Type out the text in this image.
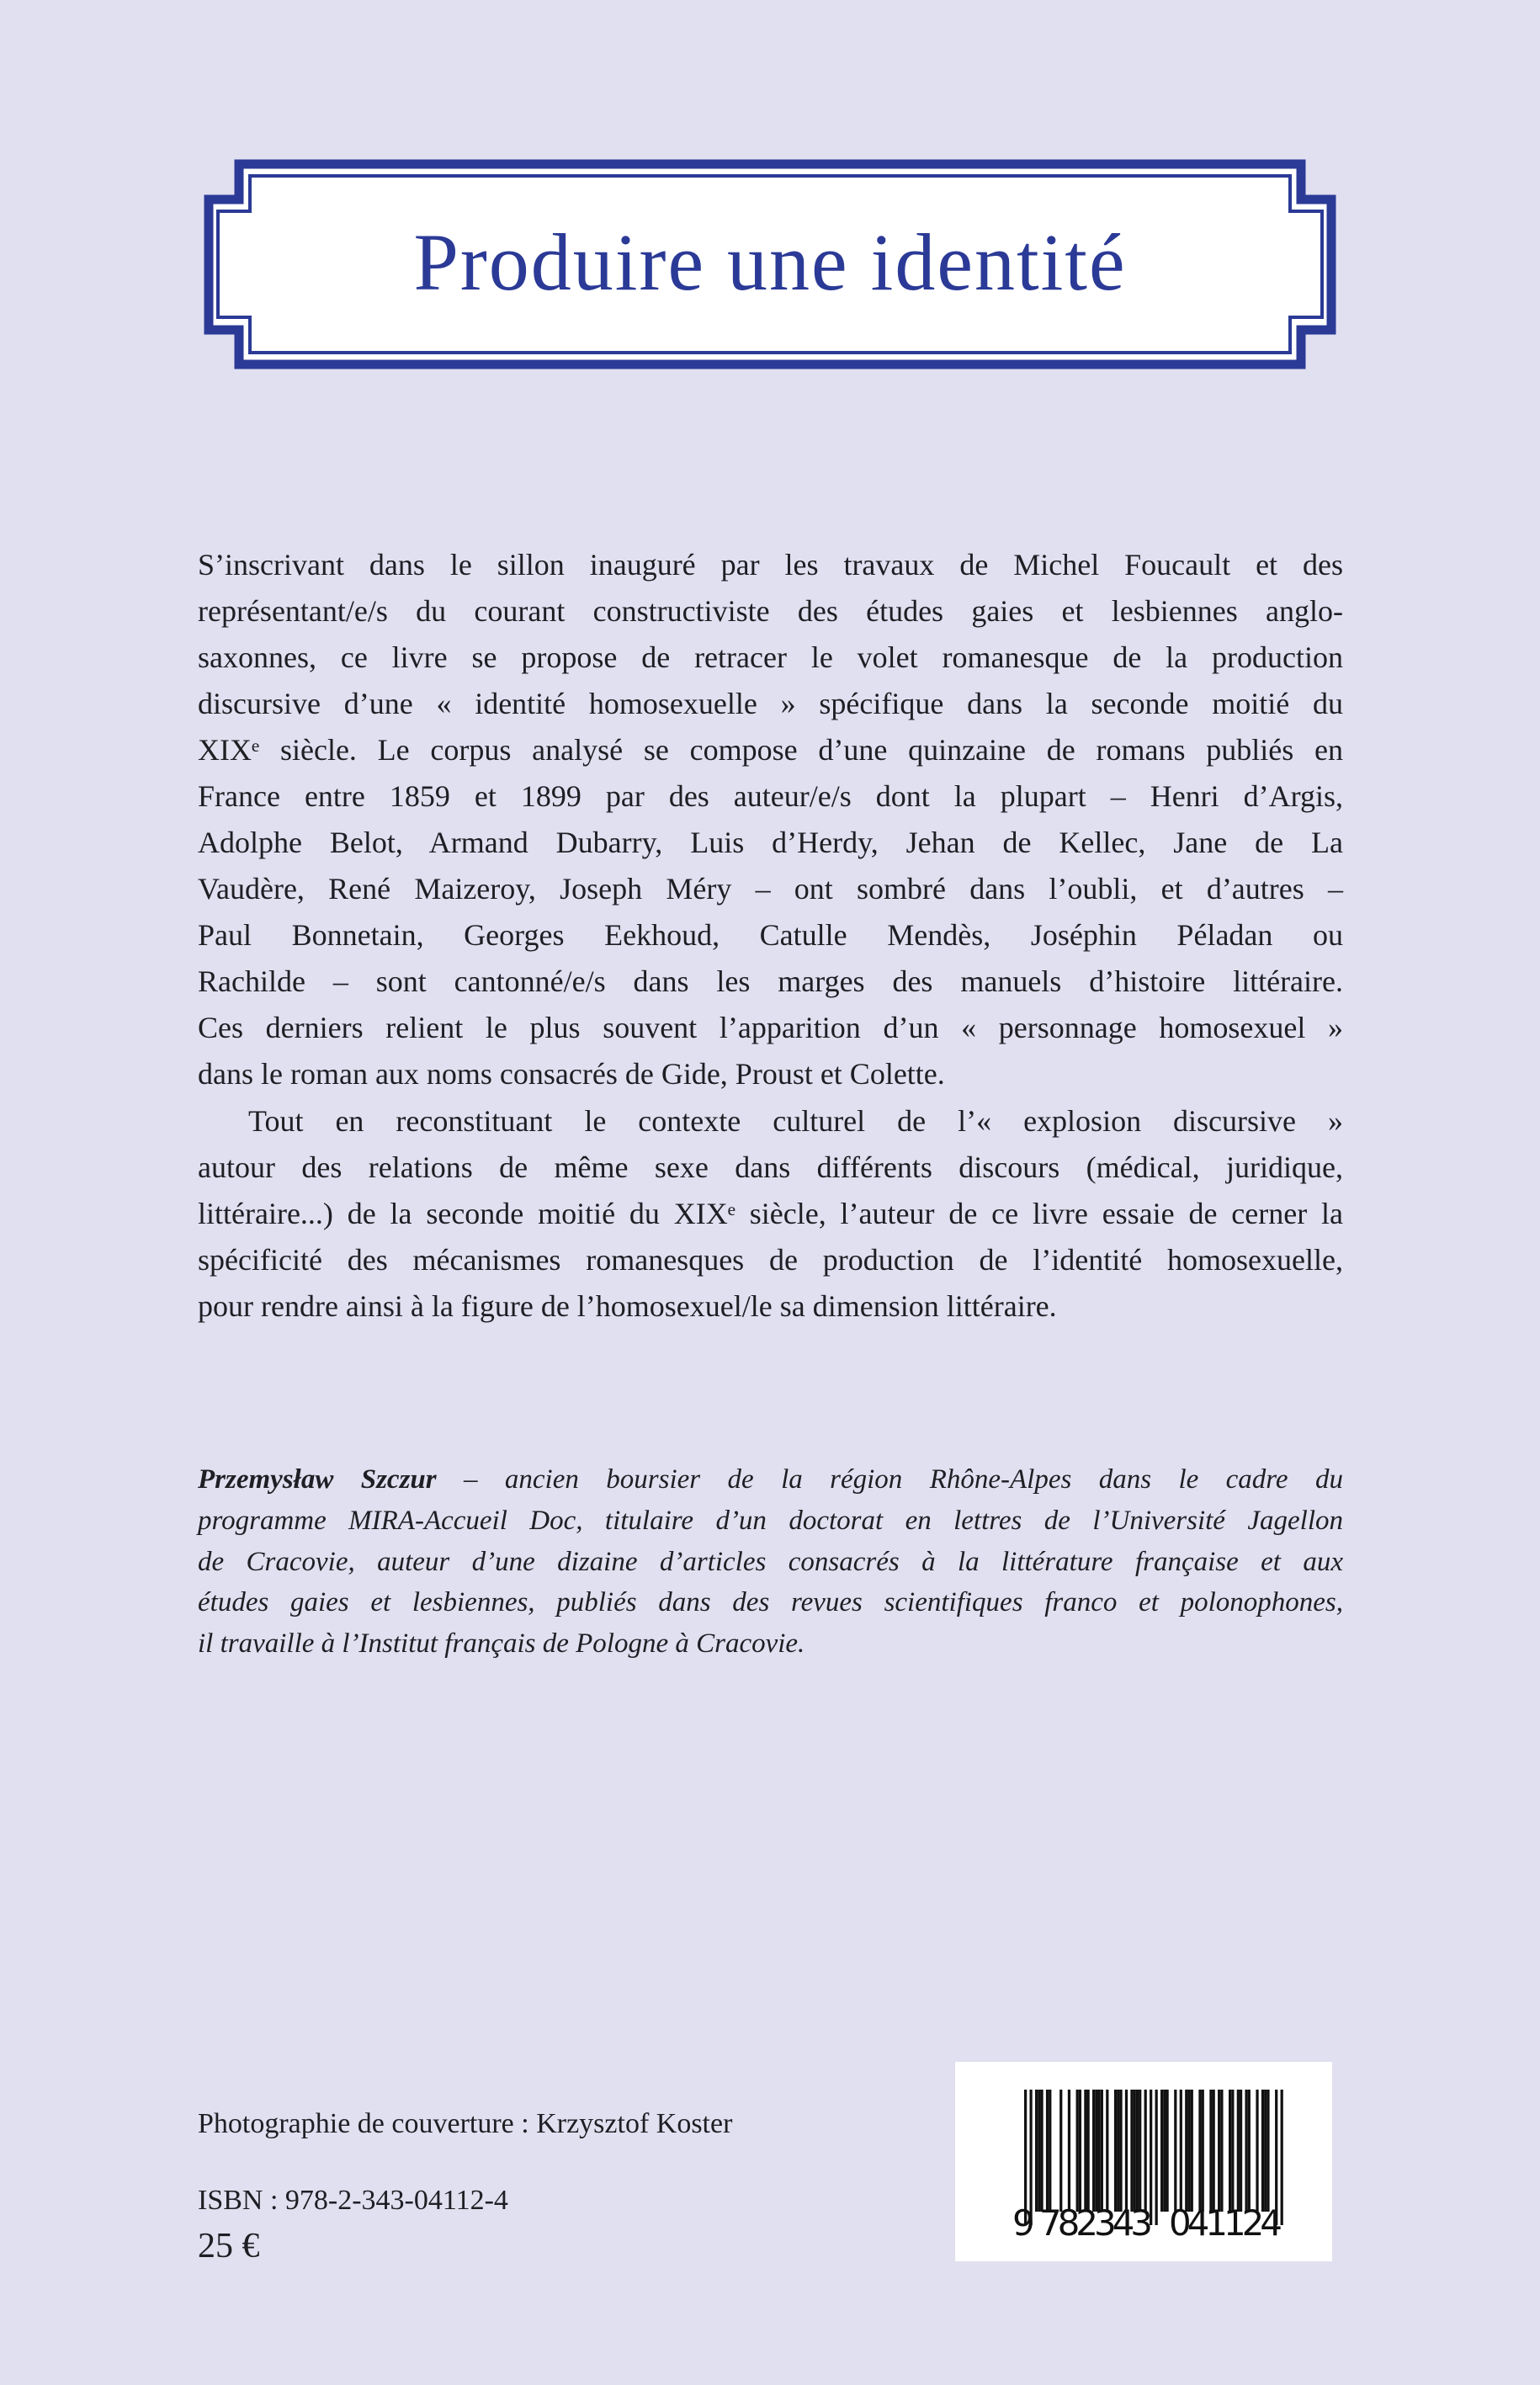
Produire une identité
S’inscrivant dans le sillon inauguré par les travaux de Michel Foucault et des
représentant/e/s du courant constructiviste des études gaies et lesbiennes anglo-
saxonnes, ce livre se propose de retracer le volet romanesque de la production
discursive d’une « identité homosexuelle » spécifique dans la seconde moitié du
XIXᵉ siècle. Le corpus analysé se compose d’une quinzaine de romans publiés en
France entre 1859 et 1899 par des auteur/e/s dont la plupart – Henri d’Argis,
Adolphe Belot, Armand Dubarry, Luis d’Herdy, Jehan de Kellec, Jane de La
Vaudère, René Maizeroy, Joseph Méry – ont sombré dans l’oubli, et d’autres –
Paul Bonnetain, Georges Eekhoud, Catulle Mendès, Joséphin Péladan ou
Rachilde – sont cantonné/e/s dans les marges des manuels d’histoire littéraire.
Ces derniers relient le plus souvent l’apparition d’un « personnage homosexuel »
dans le roman aux noms consacrés de Gide, Proust et Colette.
Tout en reconstituant le contexte culturel de l’« explosion discursive »
autour des relations de même sexe dans différents discours (médical, juridique,
littéraire...) de la seconde moitié du XIXᵉ siècle, l’auteur de ce livre essaie de cerner la
spécificité des mécanismes romanesques de production de l’identité homosexuelle,
pour rendre ainsi à la figure de l’homosexuel/le sa dimension littéraire.
Przemysław Szczur – ancien boursier de la région Rhône-Alpes dans le cadre du
programme MIRA-Accueil Doc, titulaire d’un doctorat en lettres de l’Université Jagellon
de Cracovie, auteur d’une dizaine d’articles consacrés à la littérature française et aux
études gaies et lesbiennes, publiés dans des revues scientifiques franco et polonophones,
il travaille à l’Institut français de Pologne à Cracovie.
Photographie de couverture : Krzysztof Koster
ISBN : 978-2-343-04112-4
25 €
9 782343 041124
